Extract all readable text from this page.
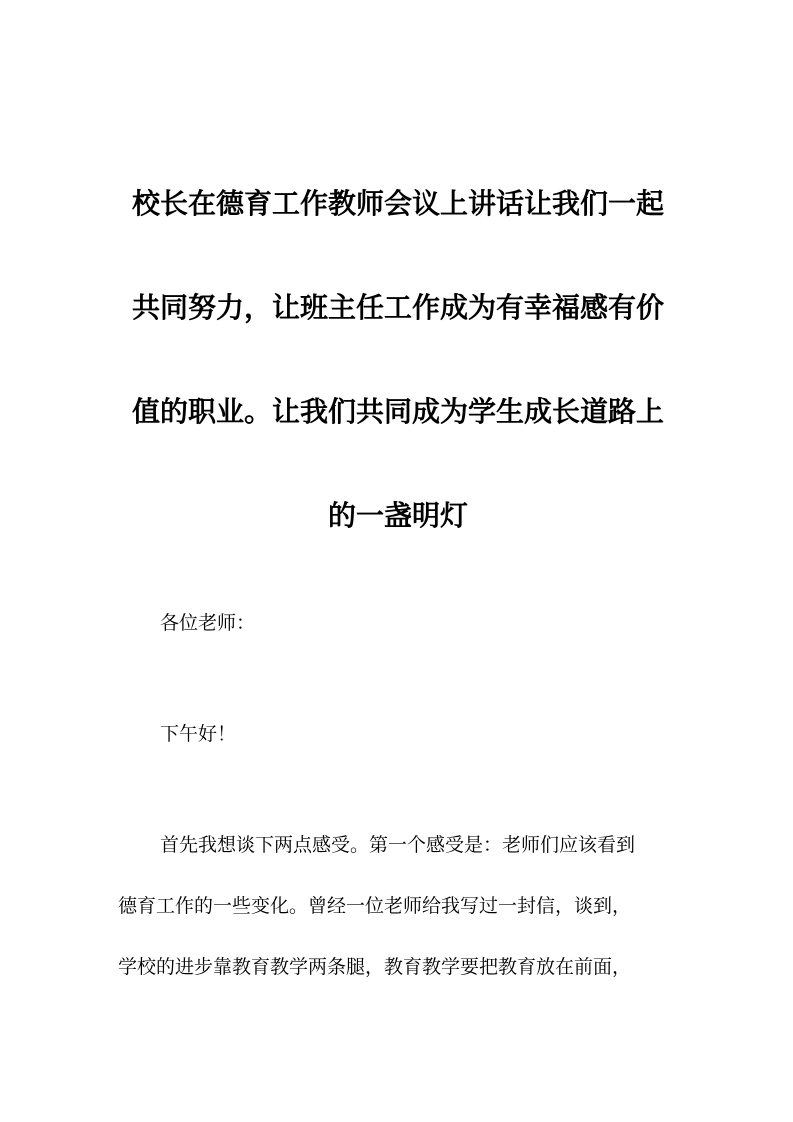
校长在德育工作教师会议上讲话让我们一起
共同努力，让班主任工作成为有幸福感有价
值的职业。让我们共同成为学生成长道路上
的一盏明灯

各位老师：

下午好！

首先我想谈下两点感受。第一个感受是：老师们应该看到

德育工作的一些变化。曾经一位老师给我写过一封信，谈到，

学校的进步靠教育教学两条腿，教育教学要把教育放在前面，
